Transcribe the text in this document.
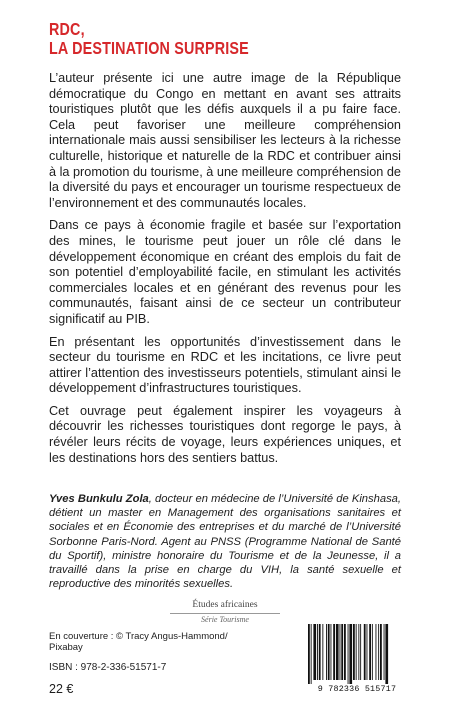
RDC,
LA DESTINATION SURPRISE

L’auteur présente ici une autre image de la République démocratique du Congo en mettant en avant ses attraits touristiques plutôt que les défis auxquels il a pu faire face. Cela peut favoriser une meilleure compréhension internationale mais aussi sensibiliser les lecteurs à la richesse culturelle, historique et naturelle de la RDC et contribuer ainsi à la promotion du tourisme, à une meilleure compréhension de la diversité du pays et encourager un tourisme respectueux de l’environnement et des communautés locales.

Dans ce pays à économie fragile et basée sur l’exportation des mines, le tourisme peut jouer un rôle clé dans le développement économique en créant des emplois du fait de son potentiel d’employabilité facile, en stimulant les activités commerciales locales et en générant des revenus pour les communautés, faisant ainsi de ce secteur un contributeur significatif au PIB.

En présentant les opportunités d’investissement dans le secteur du tourisme en RDC et les incitations, ce livre peut attirer l’attention des investisseurs potentiels, stimulant ainsi le développement d’infrastructures touristiques.

Cet ouvrage peut également inspirer les voyageurs à découvrir les richesses touristiques dont regorge le pays, à révéler leurs récits de voyage, leurs expériences uniques, et les destinations hors des sentiers battus.

Yves Bunkulu Zola, docteur en médecine de l’Université de Kinshasa, détient un master en Management des organisations sanitaires et sociales et en Économie des entreprises et du marché de l’Université Sorbonne Paris-Nord. Agent au PNSS (Programme National de Santé du Sportif), ministre honoraire du Tourisme et de la Jeunesse, il a travaillé dans la prise en charge du VIH, la santé sexuelle et reproductive des minorités sexuelles.
Études africaines
Série Tourisme
En couverture : © Tracy Angus-Hammond/ Pixabay
ISBN : 978-2-336-51571-7
22 €	9 782336 515717
